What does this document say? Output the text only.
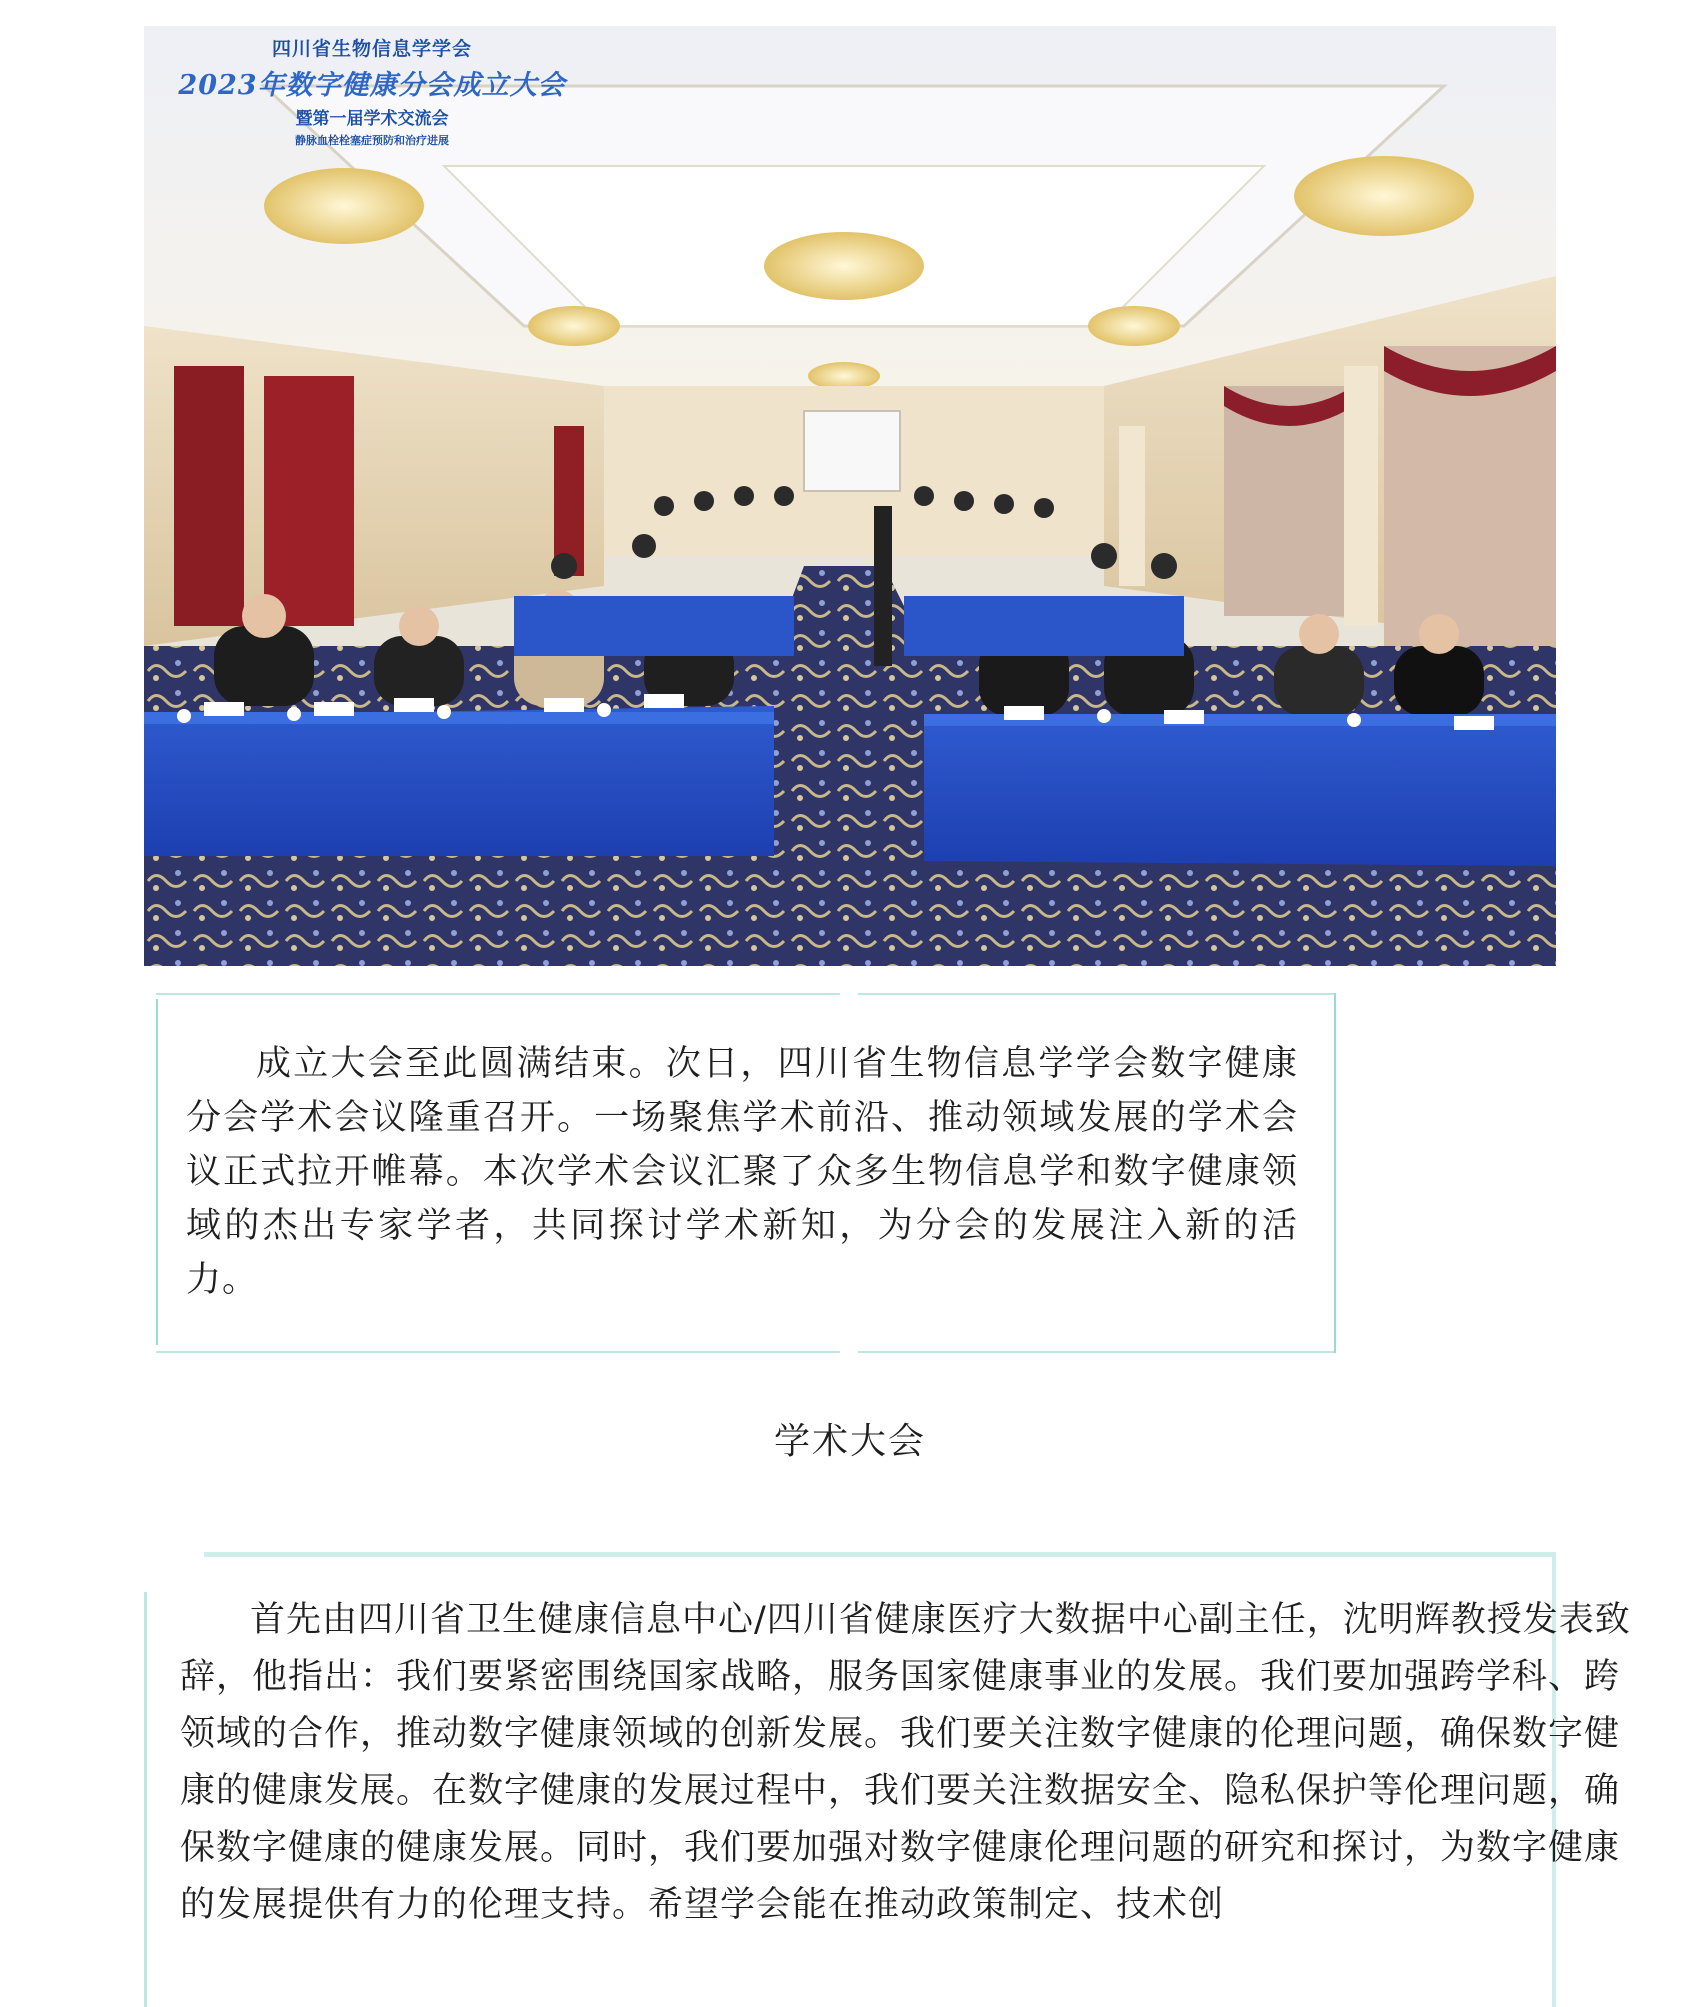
四川省生物信息学学会
2023年数字健康分会成立大会
暨第一届学术交流会
静脉血栓栓塞症预防和治疗进展

成立大会至此圆满结束。次日，四川省生物信息学学会数字健康分会学术会议隆重召开。一场聚焦学术前沿、推动领域发展的学术会议正式拉开帷幕。本次学术会议汇聚了众多生物信息学和数字健康领域的杰出专家学者，共同探讨学术新知，为分会的发展注入新的活力。

学术大会

首先由四川省卫生健康信息中心/四川省健康医疗大数据中心副主任，沈明辉教授发表致辞，他指出：我们要紧密围绕国家战略，服务国家健康事业的发展。我们要加强跨学科、跨领域的合作，推动数字健康领域的创新发展。我们要关注数字健康的伦理问题，确保数字健康的健康发展。在数字健康的发展过程中，我们要关注数据安全、隐私保护等伦理问题，确保数字健康的健康发展。同时，我们要加强对数字健康伦理问题的研究和探讨，为数字健康的发展提供有力的伦理支持。希望学会能在推动政策制定、技术创
